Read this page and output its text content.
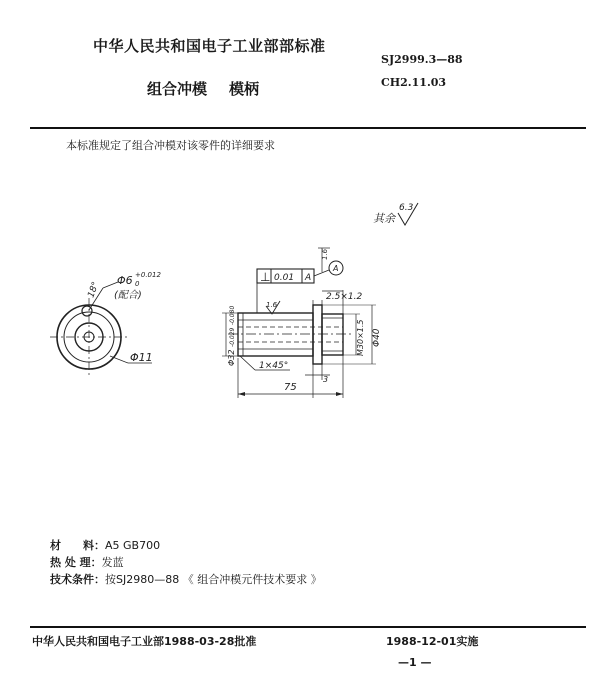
中华人民共和国电子工业部部标准
SJ2999.3—88
CH2.11.03
组合冲模 模柄
本标准规定了组合冲模对该零件的详细要求
其余
6.3
Φ6 +0.012
0
(配合)
18°
Φ11
⊥ 0.01 A
A
1.6
2.5×1.2
1.6
Φ32 -0.029 -0.080
M30×1.5 Φ40
1×45°
3
75
材　　料：A5 GB700
热 处 理：发蓝
技术条件：按SJ2980—88 《 组合冲模元件技术要求 》
中华人民共和国电子工业部1988-03-28批准	1988-12-01实施
—1 —
